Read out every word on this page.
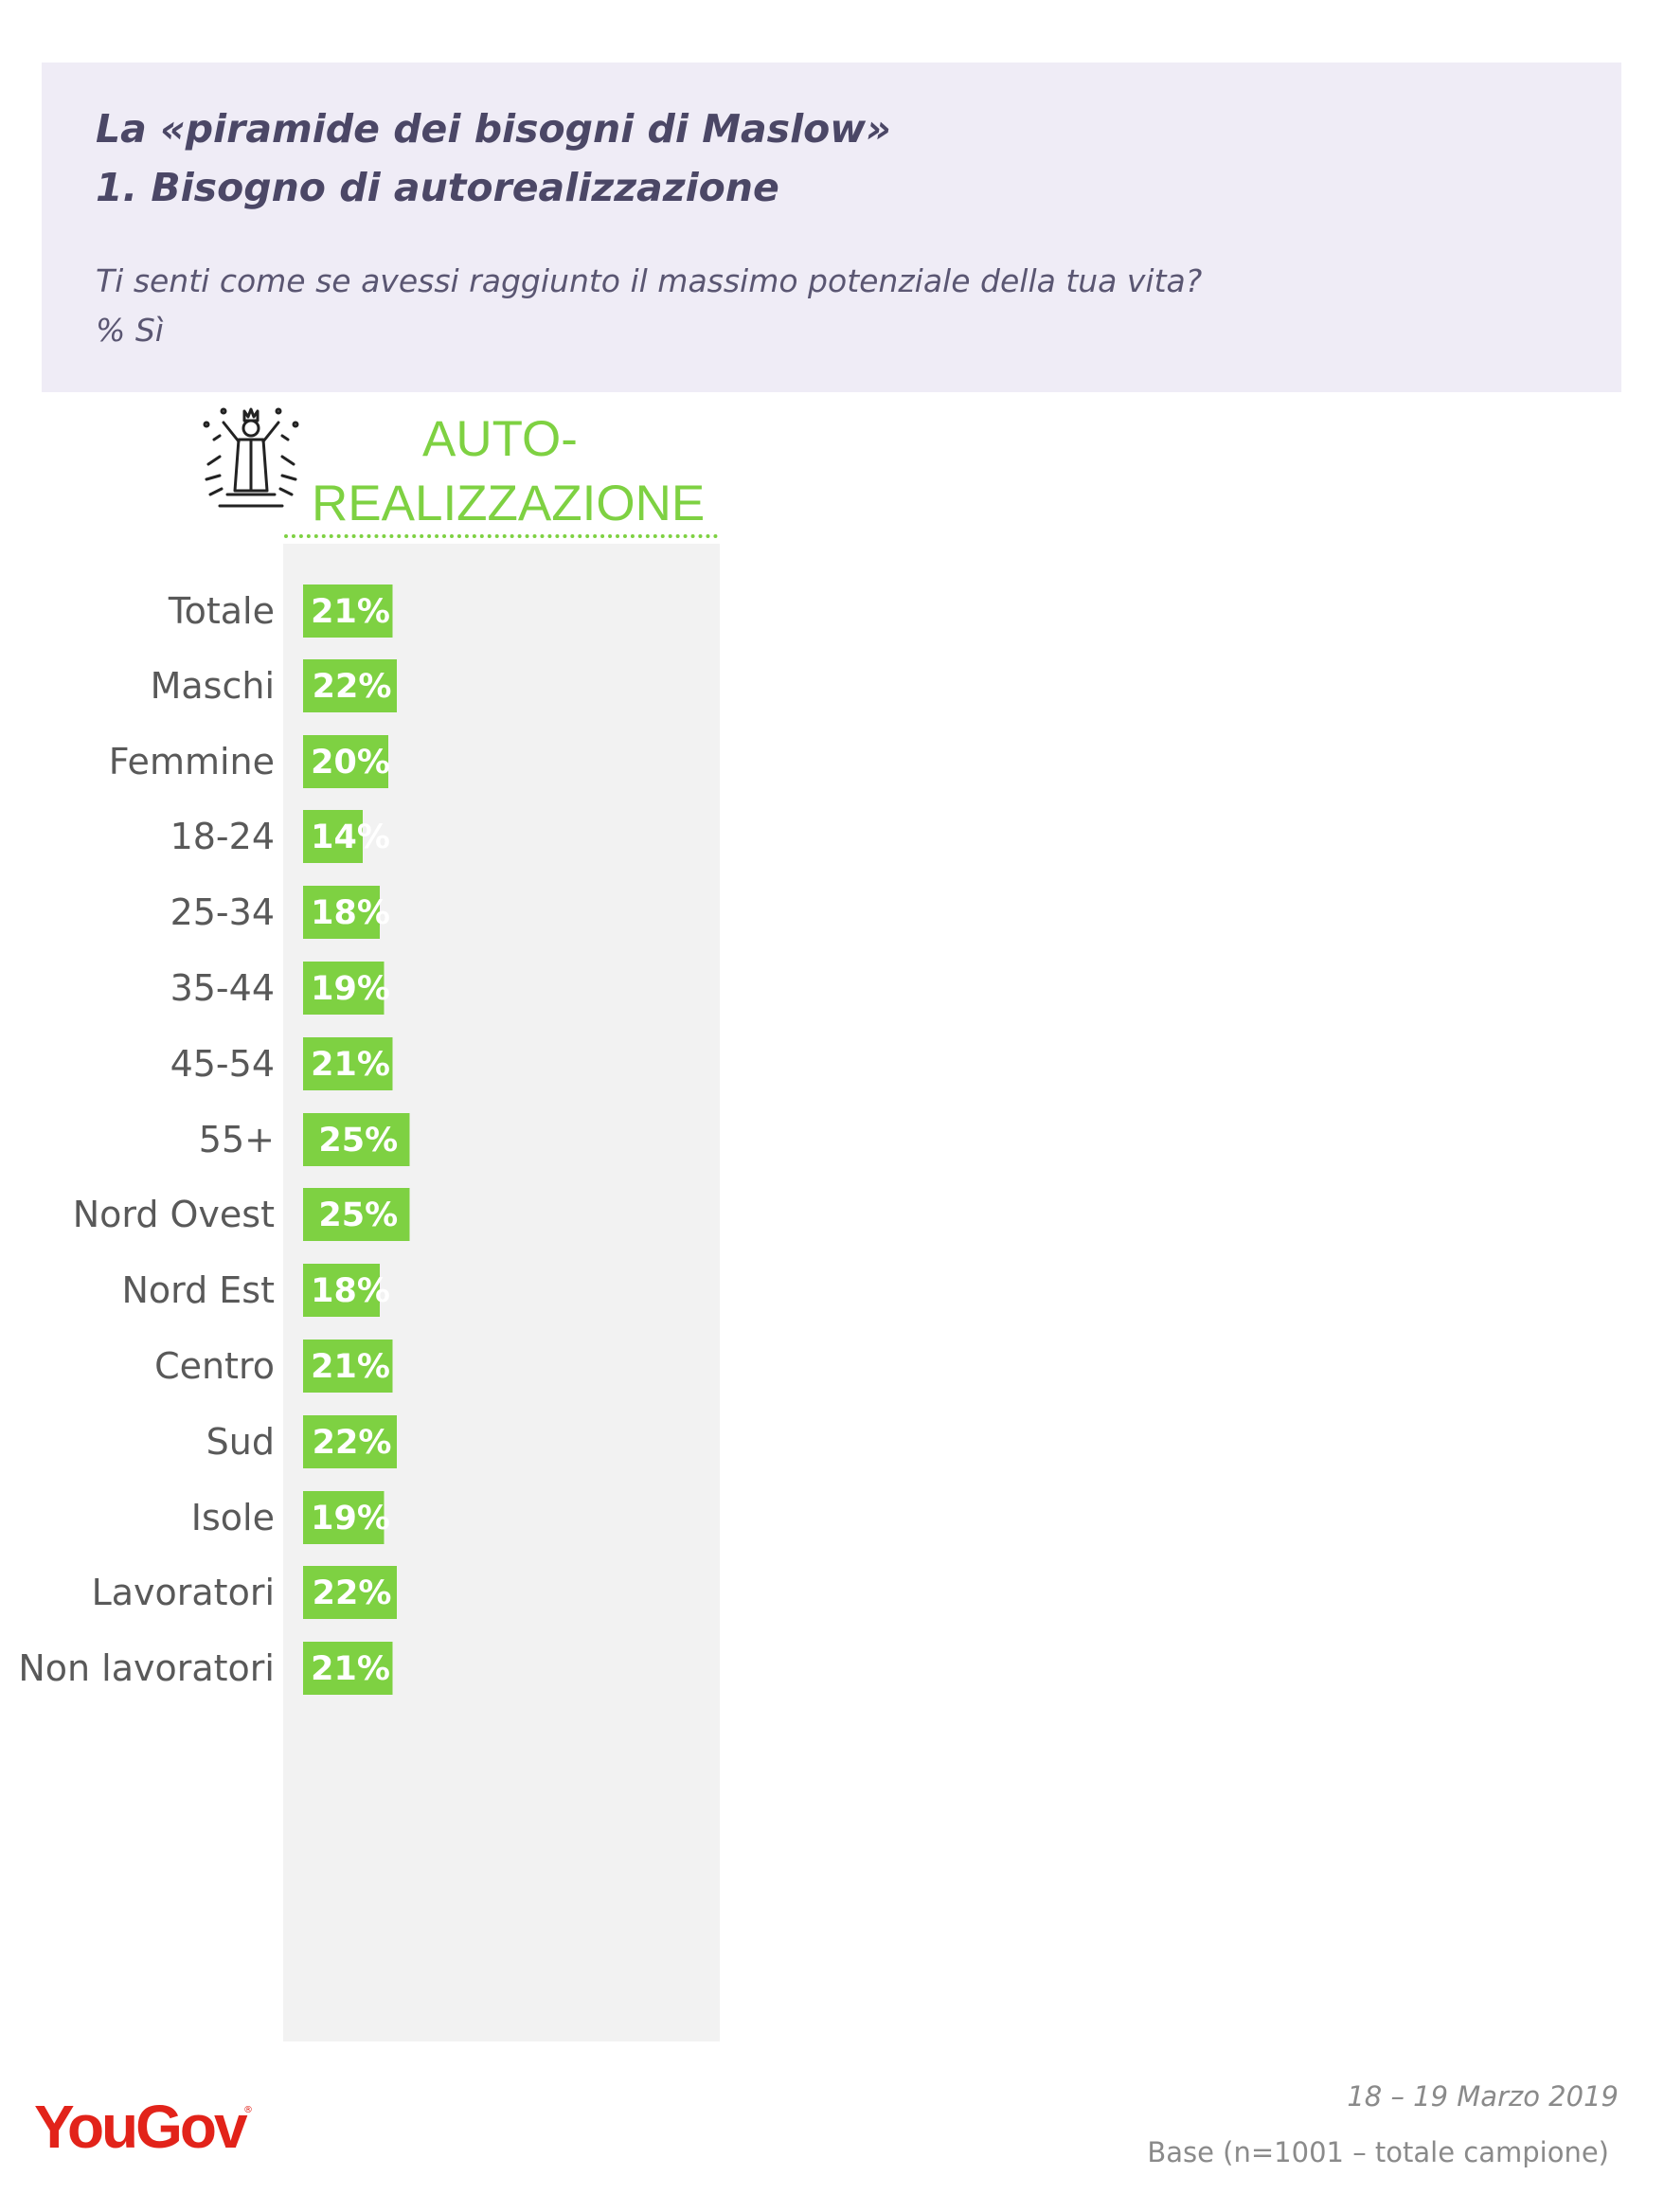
La «piramide dei bisogni di Maslow»
1. Bisogno di autorealizzazione
Ti senti come se avessi raggiunto il massimo potenziale della tua vita?
% Sì
AUTO-
REALIZZAZIONE
Totale 21%
Maschi 22%
Femmine 20%
18-24 14%
25-34 18%
35-44 19%
45-54 21%
55+ 25%
Nord Ovest 25%
Nord Est 18%
Centro 21%
Sud 22%
Isole 19%
Lavoratori 22%
Non lavoratori 21%
YouGov
®	18 – 19 Marzo 2019
Base (n=1001 – totale campione)
